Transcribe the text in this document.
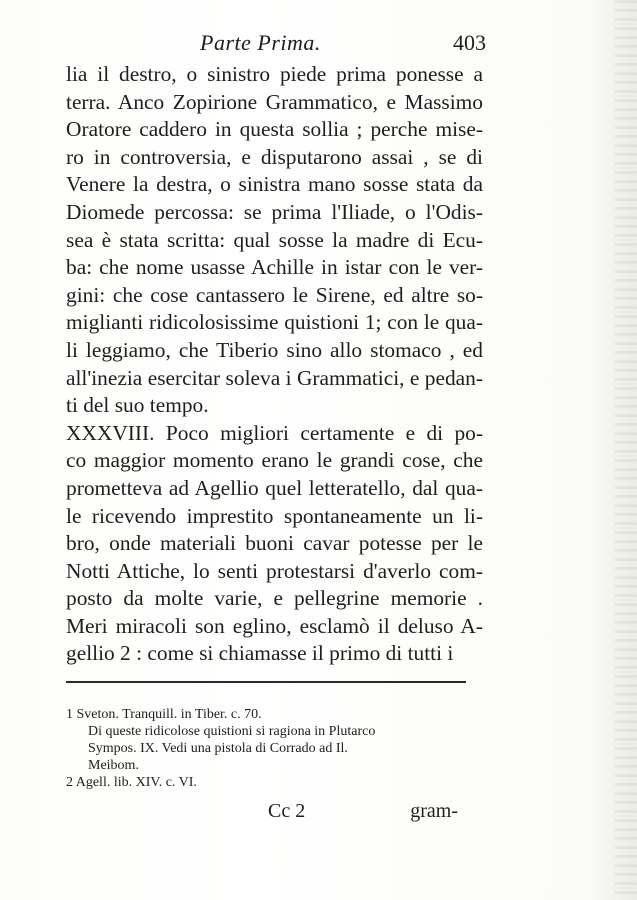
Parte Prima.	403
lia il destro, o sinistro piede prima ponesse a
terra. Anco Zopirione Grammatico, e Massimo
Oratore caddero in questa sollia ; perche mise-
ro in controversia, e disputarono assai , se di
Venere la destra, o sinistra mano sosse stata da
Diomede percossa: se prima l'Iliade, o l'Odis-
sea è stata scritta: qual sosse la madre di Ecu-
ba: che nome usasse Achille in istar con le ver-
gini: che cose cantassero le Sirene, ed altre so-
miglianti ridicolosissime quistioni 1; con le qua-
li leggiamo, che Tiberio sino allo stomaco , ed
all'inezia esercitar soleva i Grammatici, e pedan-
ti del suo tempo.
XXXVIII. Poco migliori certamente e di po-
co maggior momento erano le grandi cose, che
prometteva ad Agellio quel letteratello, dal qua-
le ricevendo imprestito spontaneamente un li-
bro, onde materiali buoni cavar potesse per le
Notti Attiche, lo senti protestarsi d'averlo com-
posto da molte varie, e pellegrine memorie .
Meri miracoli son eglino, esclamò il deluso A-
gellio 2 : come si chiamasse il primo di tutti i
1 Sveton. Tranquill. in Tiber. c. 70.
Di queste ridicolose quistioni si ragiona in Plutarco
Sympos. IX. Vedi una pistola di Corrado ad Il.
Meibom.
2 Agell. lib. XIV. c. VI.
Cc 2	gram-
